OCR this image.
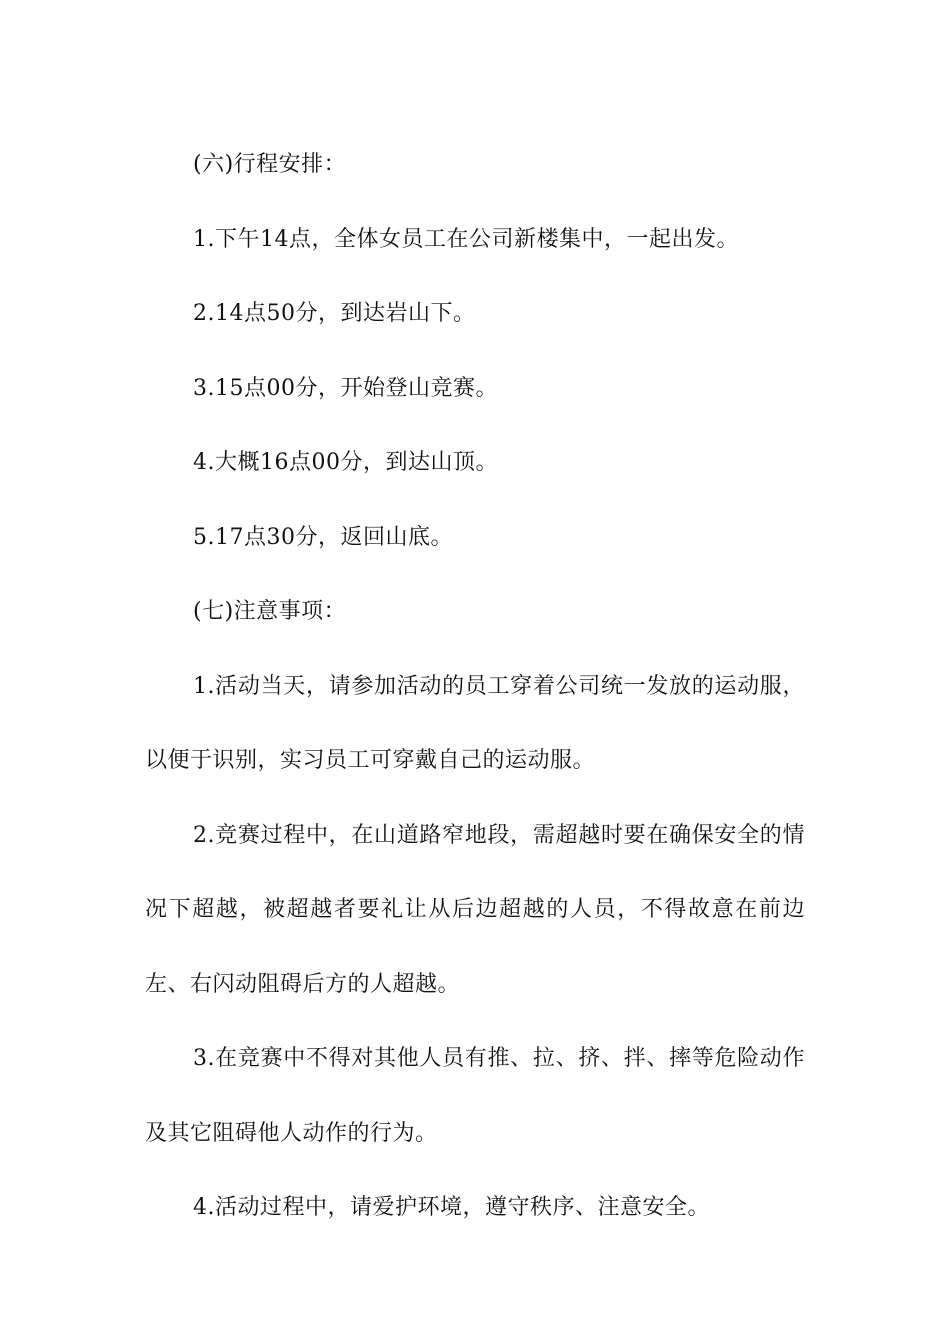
(六)行程安排：

1.下午14点，全体女员工在公司新楼集中，一起出发。

2.14点50分，到达岩山下。

3.15点00分，开始登山竞赛。

4.大概16点00分，到达山顶。

5.17点30分，返回山底。

(七)注意事项：

1.活动当天，请参加活动的员工穿着公司统一发放的运动服，以便于识别，实习员工可穿戴自己的运动服。

2.竞赛过程中，在山道路窄地段，需超越时要在确保安全的情况下超越，被超越者要礼让从后边超越的人员，不得故意在前边左、右闪动阻碍后方的人超越。

3.在竞赛中不得对其他人员有推、拉、挤、拌、摔等危险动作及其它阻碍他人动作的行为。

4.活动过程中，请爱护环境，遵守秩序、注意安全。
